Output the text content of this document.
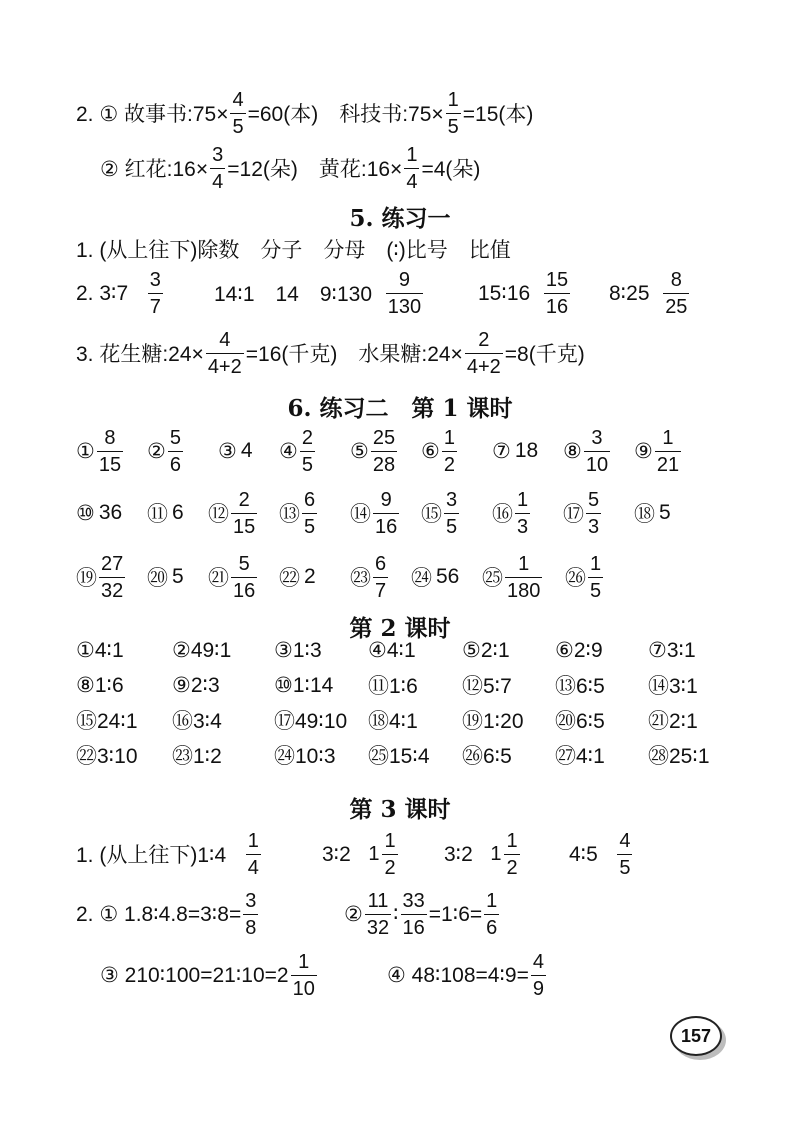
2. ① 故事书:75× $\frac{4}{5} =60$(本)　科技书:75× $\frac{1}{5} =15$(本)
② 红花:16× $\frac{3}{4} =12$(朵)　黄花:16× $\frac{1}{4} =4$(朵)
5. 练习一
1. (从上往下)除数　分子　分母　(∶)比号　比值
2. 3∶7
$\frac{3}{7}$ 14∶1　14　9∶130
$\frac{9}{130}$	15∶16
$\frac{15}{16}$ 8∶25
$\frac{8}{25}$
3. 花生糖:24× $\frac{4}{4+2} =16$(千克)　水果糖:24× $\frac{2}{4+2} =8$(千克)
6. 练习二　第 1 课时
① $\frac{8}{15}$ ② $\frac{5}{6}$ ③ 4 ④ $\frac{2}{5}$ ⑤ $\frac{25}{28}$ ⑥ $\frac{1}{2}$ ⑦ 18 ⑧ $\frac{3}{10}$ ⑨ $\frac{1}{21}$
⑩ 36 ⑪ 6 ⑫ $\frac{2}{15}$ ⑬ $\frac{6}{5}$ ⑭ $\frac{9}{16}$ ⑮ $\frac{3}{5}$ ⑯ $\frac{1}{3}$ ⑰ $\frac{5}{3}$ ⑱ 5
⑲ $\frac{27}{32}$ ⑳ 5 ㉑ $\frac{5}{16}$ ㉒ 2 ㉓ $\frac{6}{7}$ ㉔ 56 ㉕ $\frac{1}{180}$ ㉖ $\frac{1}{5}$
第 2 课时
①4∶1 ②49∶1 ③1∶3 ④4∶1 ⑤2∶1 ⑥2∶9 ⑦3∶1
⑧1∶6 ⑨2∶3	⑩1∶14 ⑪1∶6 ⑫5∶7 ⑬6∶5 ⑭3∶1
⑮24∶1 ⑯3∶4 ⑰49∶10 ⑱4∶1 ⑲1∶20 ⑳6∶5 ㉑2∶1
㉒3∶10 ㉓1∶2 ㉔10∶3 ㉕15∶4 ㉖6∶5 ㉗4∶1 ㉘25∶1
第 3 课时
1. (从上往下)1∶4
$\frac{1}{4}$	3∶2
$1 \frac{1}{2}$ 3∶2
$1 \frac{1}{2}$ 4∶5
$\frac{4}{5}$
2. ① 1.8∶4.8=3∶8= $\frac{3}{8}$	② $\frac{11}{32}$ ∶ $\frac{33}{16}$ =1∶6= $\frac{1}{6}$
③ 210∶100=21∶10=2 $\frac{1}{10}$	④ 48∶108=4∶9= $\frac{4}{9}$
157
